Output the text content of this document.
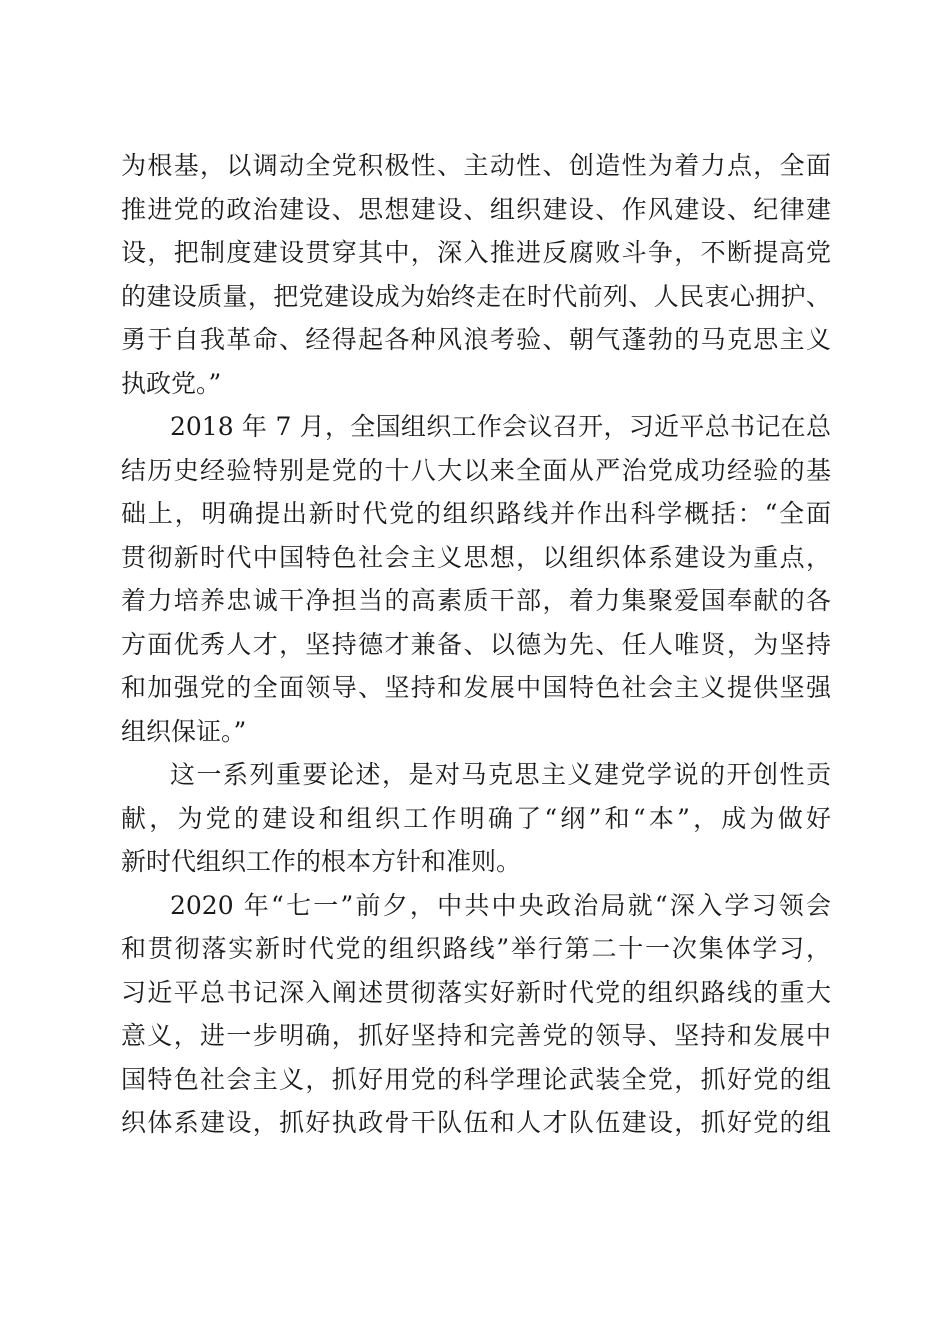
为根基，以调动全党积极性、主动性、创造性为着力点，全面
推进党的政治建设、思想建设、组织建设、作风建设、纪律建
设，把制度建设贯穿其中，深入推进反腐败斗争，不断提高党
的建设质量，把党建设成为始终走在时代前列、人民衷心拥护、
勇于自我革命、经得起各种风浪考验、朝气蓬勃的马克思主义
执政党。”
2018 年 7 月，全国组织工作会议召开，习近平总书记在总
结历史经验特别是党的十八大以来全面从严治党成功经验的基
础上，明确提出新时代党的组织路线并作出科学概括：“全面
贯彻新时代中国特色社会主义思想，以组织体系建设为重点，
着力培养忠诚干净担当的高素质干部，着力集聚爱国奉献的各
方面优秀人才，坚持德才兼备、以德为先、任人唯贤，为坚持
和加强党的全面领导、坚持和发展中国特色社会主义提供坚强
组织保证。”
这一系列重要论述，是对马克思主义建党学说的开创性贡
献，为党的建设和组织工作明确了“纲”和“本”，成为做好
新时代组织工作的根本方针和准则。
2020 年“七一”前夕，中共中央政治局就“深入学习领会
和贯彻落实新时代党的组织路线”举行第二十一次集体学习，
习近平总书记深入阐述贯彻落实好新时代党的组织路线的重大
意义，进一步明确，抓好坚持和完善党的领导、坚持和发展中
国特色社会主义，抓好用党的科学理论武装全党，抓好党的组
织体系建设，抓好执政骨干队伍和人才队伍建设，抓好党的组
